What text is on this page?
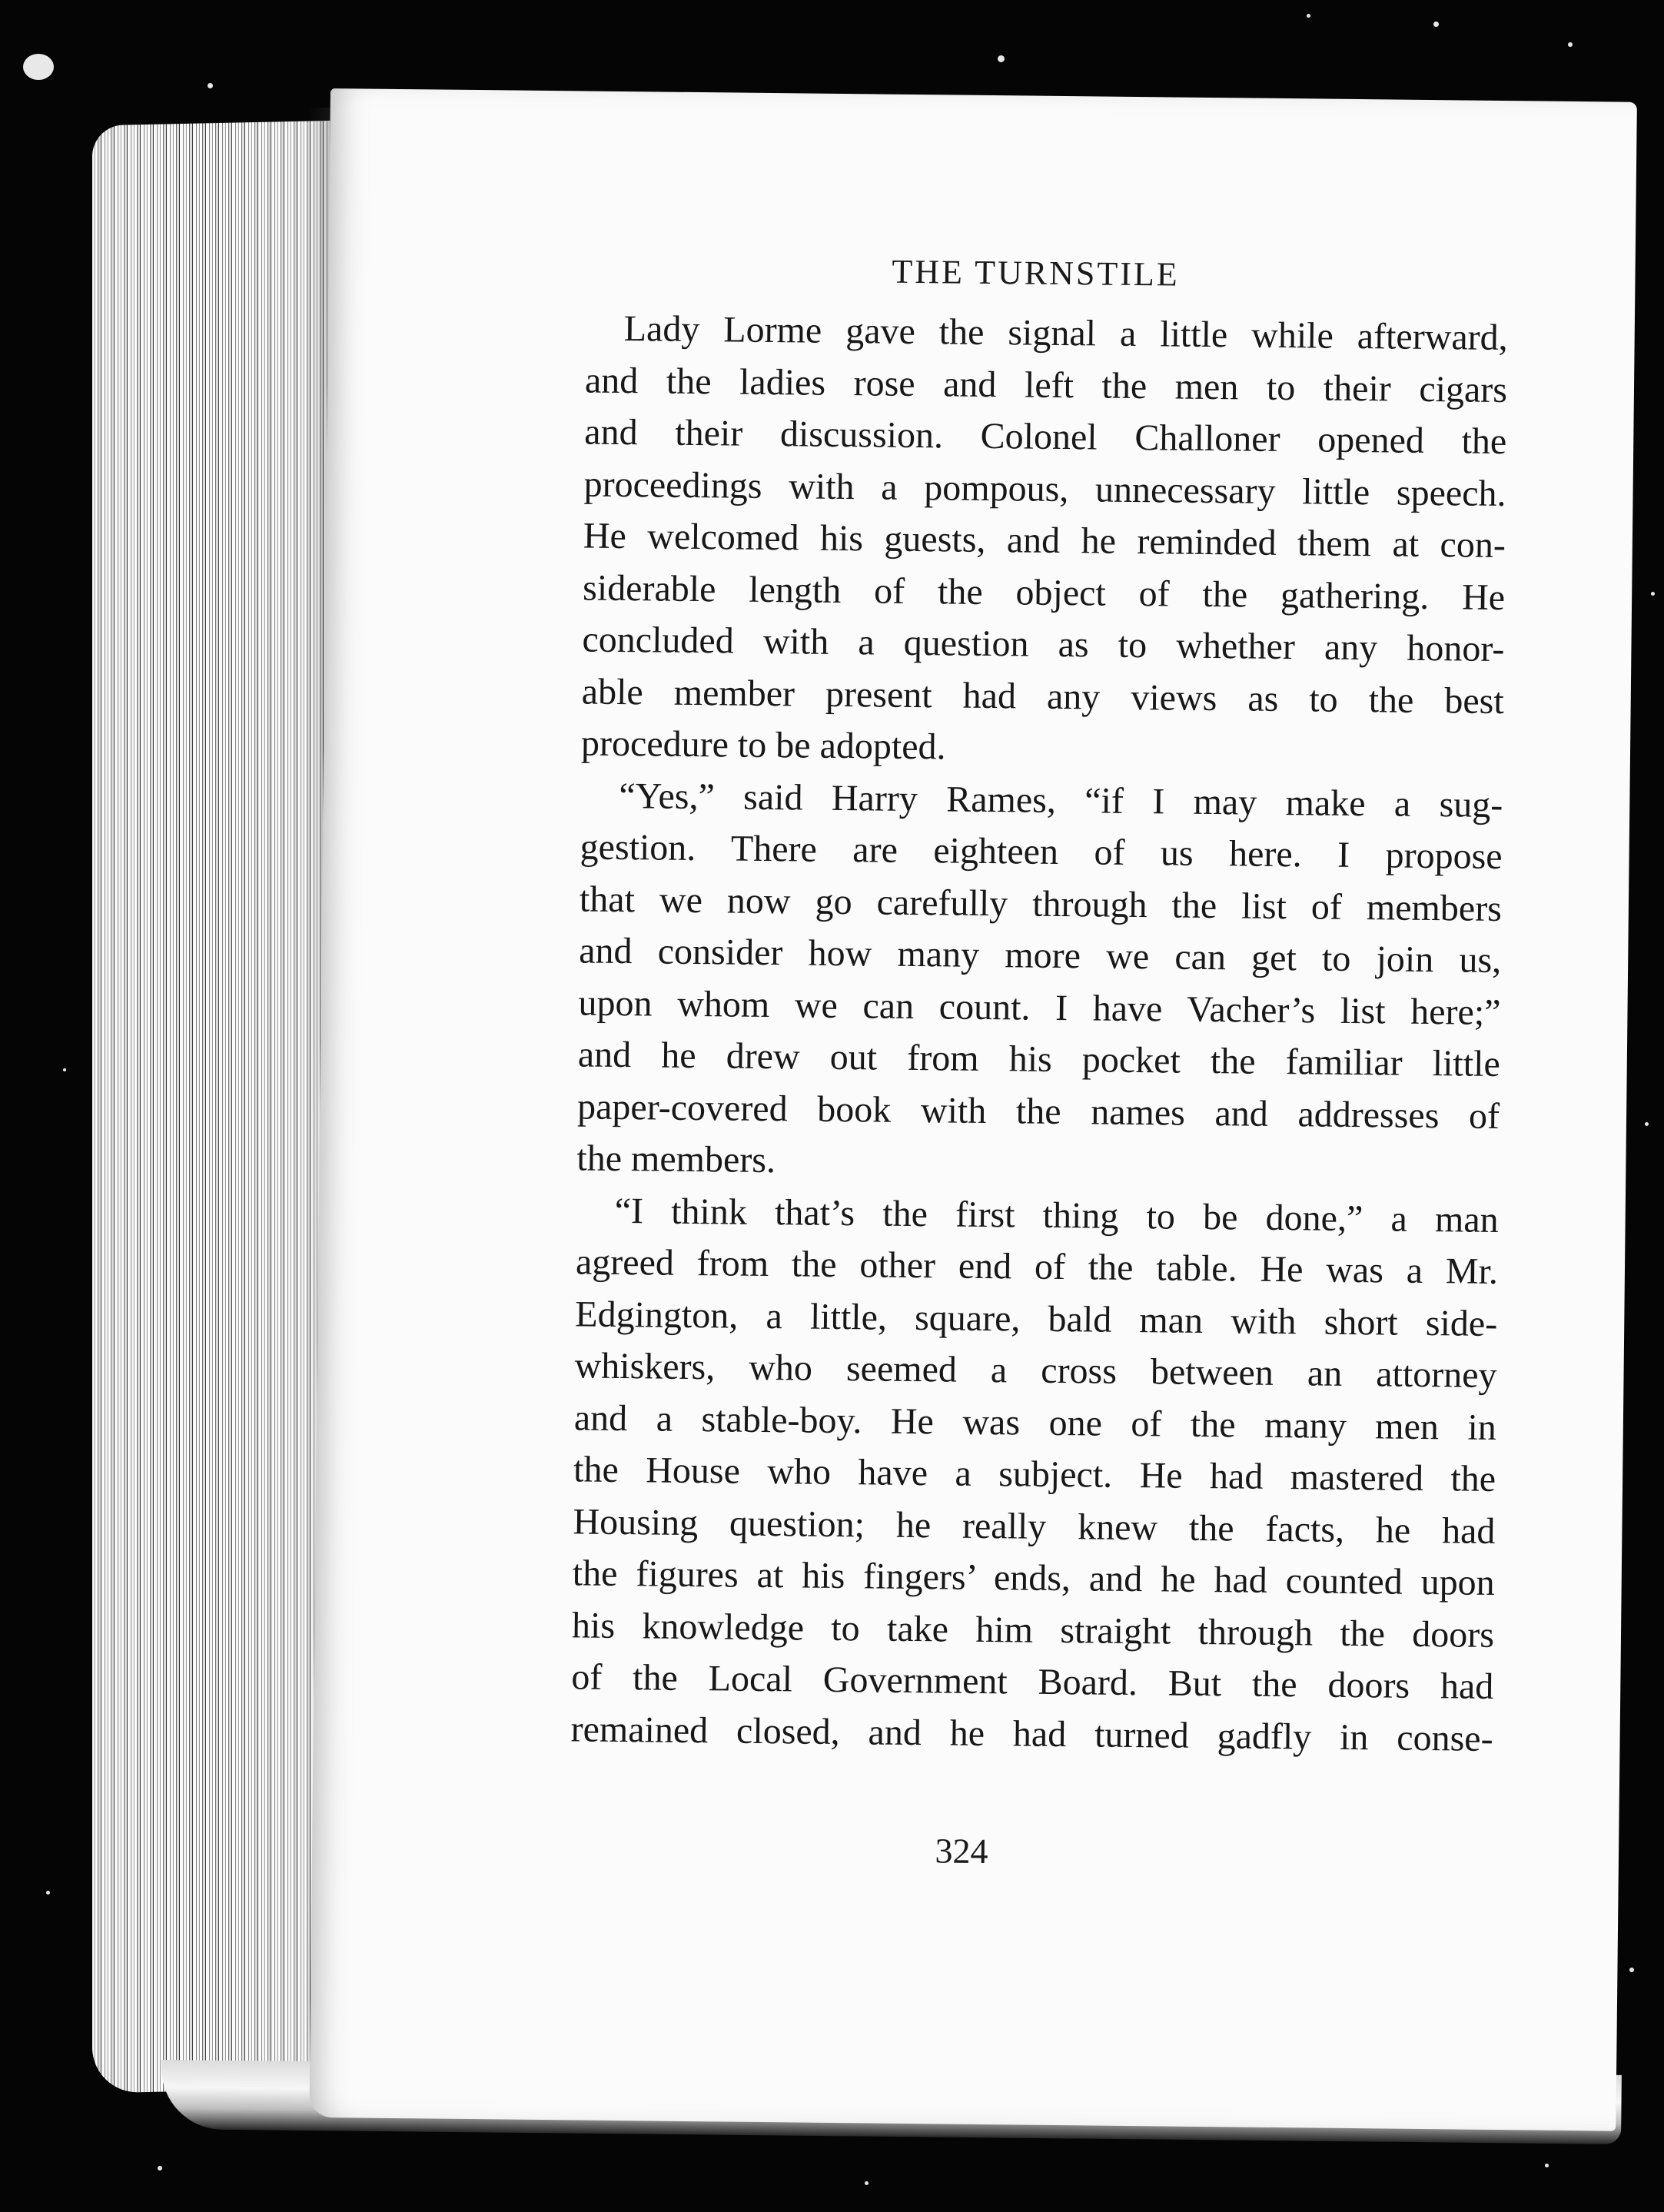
THE TURNSTILE
Lady Lorme gave the signal a little while afterward,
and the ladies rose and left the men to their cigars
and their discussion. Colonel Challoner opened the
proceedings with a pompous, unnecessary little speech.
He welcomed his guests, and he reminded them at con-
siderable length of the object of the gathering. He
concluded with a question as to whether any honor-
able member present had any views as to the best
procedure to be adopted.
“Yes,” said Harry Rames, “if I may make a sug-
gestion. There are eighteen of us here. I propose
that we now go carefully through the list of members
and consider how many more we can get to join us,
upon whom we can count. I have Vacher’s list here;”
and he drew out from his pocket the familiar little
paper-covered book with the names and addresses of
the members.
“I think that’s the first thing to be done,” a man
agreed from the other end of the table. He was a Mr.
Edgington, a little, square, bald man with short side-
whiskers, who seemed a cross between an attorney
and a stable-boy. He was one of the many men in
the House who have a subject. He had mastered the
Housing question; he really knew the facts, he had
the figures at his fingers’ ends, and he had counted upon
his knowledge to take him straight through the doors
of the Local Government Board. But the doors had
remained closed, and he had turned gadfly in conse-
324
